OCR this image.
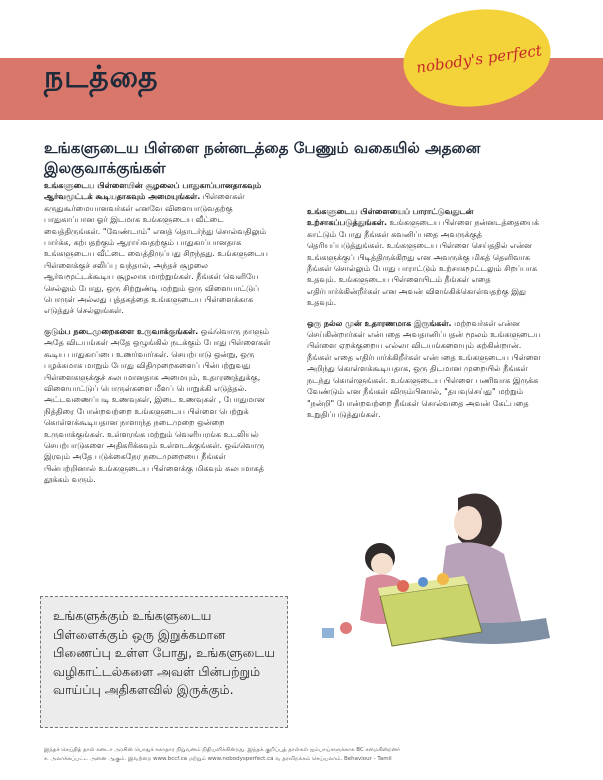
நடத்தை
nobody's perfect
உங்களுடைய பிள்ளை நன்னடத்தை பேணும் வகையில் அதனை இலகுவாக்குங்கள்

உங்களுடைய பிள்ளையின் சூழலைப் பாதுகாப்பானதாகவும் ஆர்வமூட்டக் கூடியதாகவும் அமையுங்கள். பிள்ளைகள் கருதுகூர்மையானவர்கள் எனவே விளையாடுவதற்கு பாதுகாப்பான ஓர் இடமாக உங்களுடைய வீட்டை வைத்திருங்கள். "வேண்டாம்" எனத் தொடர்ந்து சொல்வதிலும் பார்க்க, கற்பதற்கும் ஆராய்வதற்கும் பாதுகாப்பானதாக உங்களுடைய வீட்டை வைத்திருப்பது சிறந்தது. உங்களுடைய பிள்ளைக்குச் சலிப்பு வந்தால், அந்தச் சூழலை ஆர்வமூட்டக்கூடிய சூழலாக மாற்றுங்கள். நீங்கள் வெளியே செல்லும் போது, ஒரு சிற்றுண்டி மற்றும் ஒரு விளையாட்டுப் பொருள் அல்லது புத்தகத்தை உங்களுடைய பிள்ளைக்காக எடுத்துச் செல்லுங்கள்.

குடும்ப நடைமுறைகளை உருவாக்குங்கள். ஒவ்வொரு நாளும் அதே விடயங்கள் அதே ஒழுங்கில் நடக்கும் போது பிள்ளைகள் கூடிய பாதுகாப்பை உணர்வார்கள். செயற்பாடு ஒன்று, ஒரு பழக்கமாக மாறும் போது விதிமுறைகளைப் பின்பற்றுவது பிள்ளைகளுக்குச் சுலபமானதாக அமையும், உதாரணத்துக்கு, விளையாட்டுப் பொருள்களை மீளப் பொறுக்கி எடுத்தல். அட்டவணைப்படி உணவுகள், இடை உணவுகள் , போதுமான நித்திரை போன்றவற்றை உங்களுடைய பிள்ளை பெற்றுக் கொள்ளக்கூடியதான நாளாந்த நடைமுறை ஒன்றை உருவாக்குங்கள். உள்ளரங்க மற்றும் வெளியரங்க உடலியல் செயற்பாடுகளை அதிகரிக்கவும் உள்ளடக்குங்கள். ஒவ்வொரு இரவும் அதே படுக்கைநேர நடைமுறையை நீங்கள் பின்பற்றினால் உங்களுடைய பிள்ளைக்கு மிகவும் சுலபமாகத் தூக்கம் வரும்.

உங்களுடைய பிள்ளையைப் பாராட்டுவதுடன் உற்சாகப்படுத்துங்கள். உங்களுடைய பிள்ளை நன்னடத்தையைக் காட்டும் போது நீங்கள் கவனிப்பதை அவருக்குத் தெரியப்படுத்துங்கள். உங்களுடைய பிள்ளை செய்ததில் என்ன உங்களுக்குப் பிடித்திருக்கிறது என அவருக்கு மிகத் தெளிவாக நீங்கள் சொல்லும் போது பாராட்டும் உற்சாகமூட்டலும் சிறப்பாக உதவும். உங்களுடைய பிள்ளையிடம் நீங்கள் எதை எதிர்பார்க்கின்றீர்கள் என அவன் விளங்கிக்கொள்வதற்கு இது உதவும்.

ஒரு நல்ல முன் உதாரணமாக இருங்கள். மற்றவர்கள் என்ன செய்கின்றார்கள் என்பதை அவதானிப்பதன் மூலம் உங்களுடைய பிள்ளை ஏறக்குறைய எல்லா விடயங்களையும் கற்கின்றான். நீங்கள் எதை எதிர்பார்க்கிறீர்கள் என்பதை உங்களுடைய பிள்ளை அறிந்து கொள்ளக்கூடியதாக, ஒரு திடமான முறையில் நீங்கள் நடந்து கொள்ளுங்கள். உங்களுடைய பிள்ளை பணிவாக இருக்க வேண்டும் என நீங்கள் விரும்பினால், "தயவுசெய்து" மற்றும் "நன்றி" போன்றவற்றை நீங்கள் சொல்வதை அவன் கேட்பதை உறுதிப்படுத்துங்கள்.

உங்களுக்கும் உங்களுடைய பிள்ளைக்கும் ஒரு இறுக்கமான பிணைப்பு உள்ள போது, உங்களுடைய வழிகாட்டல்களை அவள் பின்பற்றும் வாய்ப்பு அதிகளவில் இருக்கும்.
இந்தச் செய்தித் தாள் கனடா அரசின் பொதுச் சுகாதார நிறுவனம் நிதியளிக்கின்றது. இந்தக் குறிப்புத் தாள்கள் ஐம்பாய்களுக்காக BC சமைகின்றனர்
ச. அலாக்கப்பட்ட அனை ஆகும். இவற்றை www.bccf.ca மற்றும் www.nobodysperfect.ca வ தரவிறக்கம் செய்யலாம். Behaviour - Tamil
